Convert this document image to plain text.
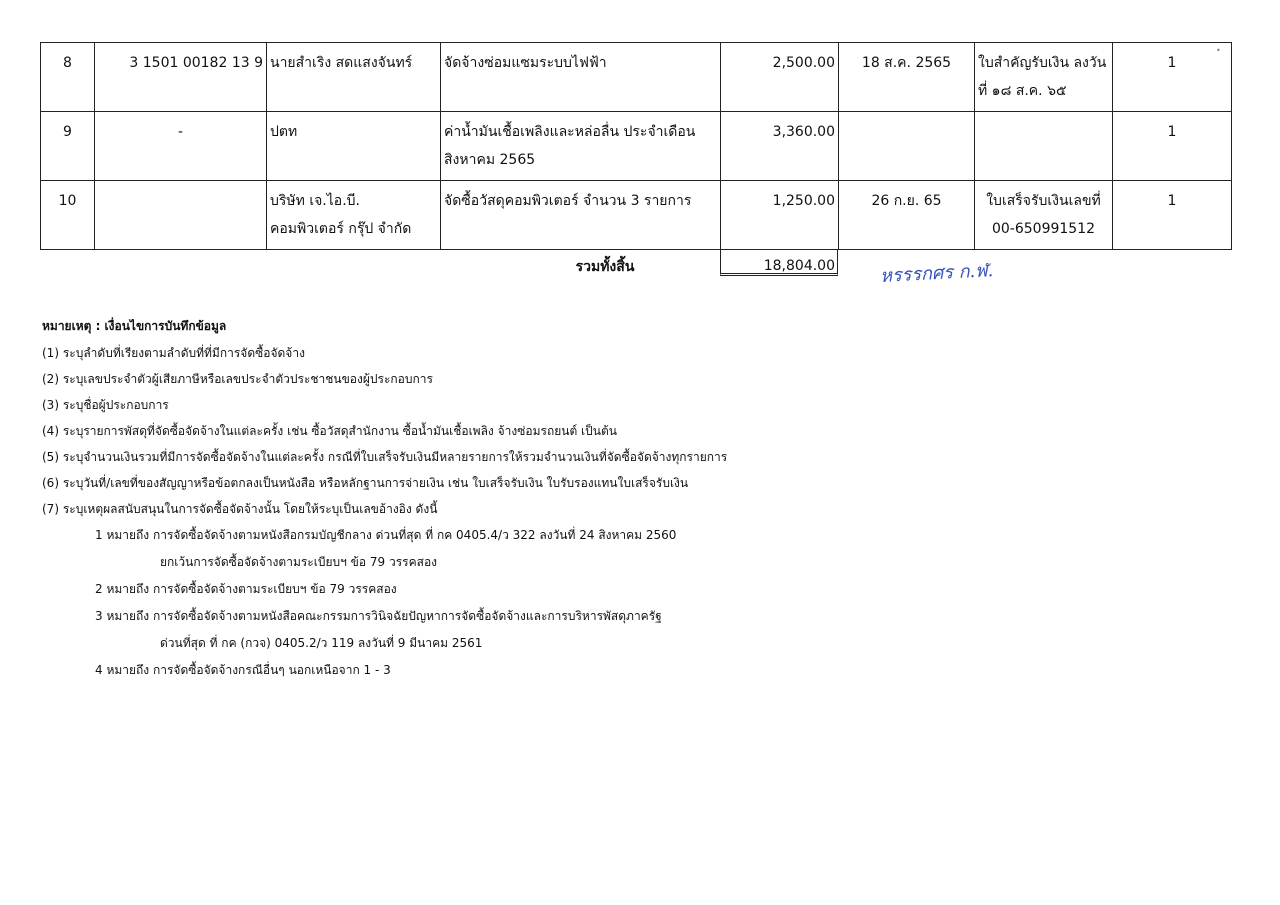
8	3 1501 00182 13 9	นายสำเริง สดแสงจันทร์	จัดจ้างซ่อมแซมระบบไฟฟ้า	2,500.00	18 ส.ค. 2565	ใบสำคัญรับเงิน ลงวันที่ ๑๘ ส.ค. ๖๕	1
9	-	ปตท	ค่าน้ำมันเชื้อเพลิงและหล่อลื่น ประจำเดือนสิงหาคม 2565	3,360.00			1
10		บริษัท เจ.ไอ.บี. คอมพิวเตอร์ กรุ๊ป จำกัด	จัดซื้อวัสดุคอมพิวเตอร์ จำนวน 3 รายการ	1,250.00	26 ก.ย. 65	ใบเสร็จรับเงินเลขที่ 00-650991512	1
•
รวมทั้งสิ้น	18,804.00 หรรรกศร ก.ฬ.
หมายเหตุ : เงื่อนไขการบันทึกข้อมูล
(1) ระบุลำดับที่เรียงตามลำดับที่ที่มีการจัดซื้อจัดจ้าง
(2) ระบุเลขประจำตัวผู้เสียภาษีหรือเลขประจำตัวประชาชนของผู้ประกอบการ
(3) ระบุชื่อผู้ประกอบการ
(4) ระบุรายการพัสดุที่จัดซื้อจัดจ้างในแต่ละครั้ง เช่น ซื้อวัสดุสำนักงาน ซื้อน้ำมันเชื้อเพลิง จ้างซ่อมรถยนต์ เป็นต้น
(5) ระบุจำนวนเงินรวมที่มีการจัดซื้อจัดจ้างในแต่ละครั้ง กรณีที่ใบเสร็จรับเงินมีหลายรายการให้รวมจำนวนเงินที่จัดซื้อจัดจ้างทุกรายการ
(6) ระบุวันที่/เลขที่ของสัญญาหรือข้อตกลงเป็นหนังสือ หรือหลักฐานการจ่ายเงิน เช่น ใบเสร็จรับเงิน ใบรับรองแทนใบเสร็จรับเงิน
(7) ระบุเหตุผลสนับสนุนในการจัดซื้อจัดจ้างนั้น โดยให้ระบุเป็นเลขอ้างอิง ดังนี้
1 หมายถึง การจัดซื้อจัดจ้างตามหนังสือกรมบัญชีกลาง ด่วนที่สุด ที่ กค 0405.4/ว 322 ลงวันที่ 24 สิงหาคม 2560
ยกเว้นการจัดซื้อจัดจ้างตามระเบียบฯ ข้อ 79 วรรคสอง
2 หมายถึง การจัดซื้อจัดจ้างตามระเบียบฯ ข้อ 79 วรรคสอง
3 หมายถึง การจัดซื้อจัดจ้างตามหนังสือคณะกรรมการวินิจฉัยปัญหาการจัดซื้อจัดจ้างและการบริหารพัสดุภาครัฐ
ด่วนที่สุด ที่ กค (กวจ) 0405.2/ว 119 ลงวันที่ 9 มีนาคม 2561
4 หมายถึง การจัดซื้อจัดจ้างกรณีอื่นๆ นอกเหนือจาก 1 - 3
